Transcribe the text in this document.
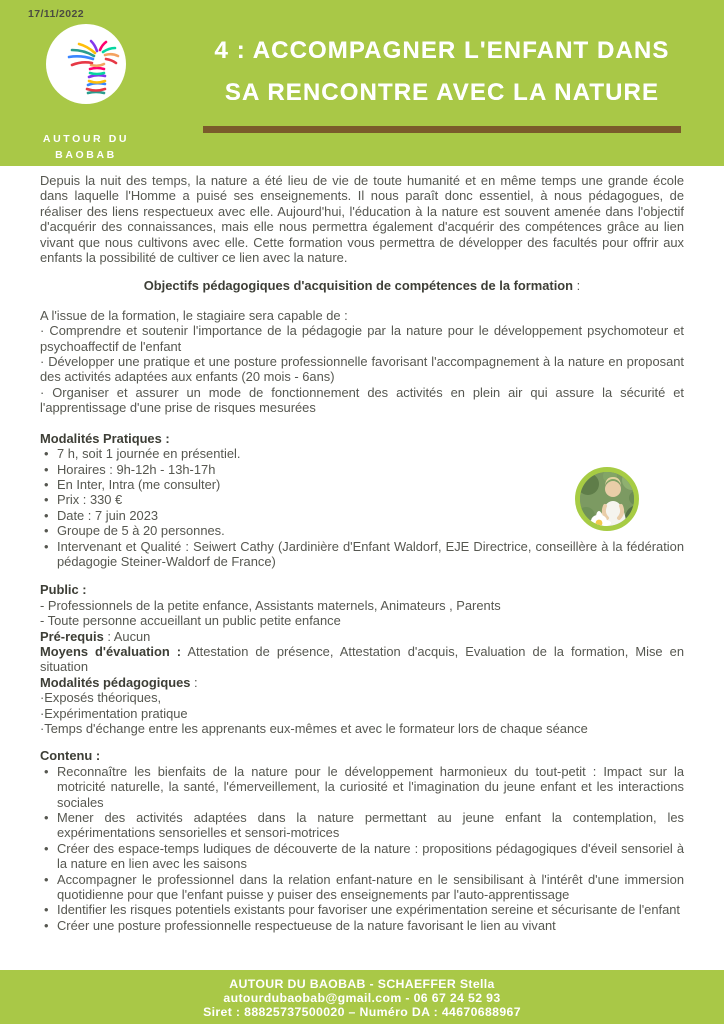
17/11/2022
AUTOUR DU
BAOBAB
4 : ACCOMPAGNER L'ENFANT DANS
SA RENCONTRE AVEC LA NATURE

Depuis la nuit des temps, la nature a été lieu de vie de toute humanité et en même temps une grande école dans laquelle l'Homme a puisé ses enseignements. Il nous paraît donc essentiel, à nous pédagogues, de réaliser des liens respectueux avec elle. Aujourd'hui, l'éducation à la nature est souvent amenée dans l'objectif d'acquérir des connaissances, mais elle nous permettra également d'acquérir des compétences grâce au lien vivant que nous cultivons avec elle. Cette formation vous permettra de développer des facultés pour offrir aux enfants la possibilité de cultiver ce lien avec la nature.

Objectifs pédagogiques d'acquisition de compétences de la formation :

A l'issue de la formation, le stagiaire sera capable de :
· Comprendre et soutenir l'importance de la pédagogie par la nature pour le développement psychomoteur et psychoaffectif de l'enfant
· Développer une pratique et une posture professionnelle favorisant l'accompagnement à la nature en proposant des activités adaptées aux enfants (20 mois - 6ans)
· Organiser et assurer un mode de fonctionnement des activités en plein air qui assure la sécurité et l'apprentissage d'une prise de risques mesurées
Modalités Pratiques :
• 7 h, soit 1 journée en présentiel.
• Horaires : 9h-12h - 13h-17h
• En Inter, Intra (me consulter)
• Prix : 330 €
• Date : 7 juin 2023
• Groupe de 5 à 20 personnes.
• Intervenant et Qualité : Seiwert Cathy (Jardinière d'Enfant Waldorf, EJE Directrice, conseillère à la fédération pédagogie Steiner-Waldorf de France)
Public :
- Professionnels de la petite enfance, Assistants maternels, Animateurs , Parents
- Toute personne accueillant un public petite enfance
Pré-requis : Aucun

Moyens d'évaluation : Attestation de présence, Attestation d'acquis, Evaluation de la formation, Mise en situation

Modalités pédagogiques :
·Exposés théoriques,
·Expérimentation pratique
·Temps d'échange entre les apprenants eux-mêmes et avec le formateur lors de chaque séance
Contenu :
• Reconnaître les bienfaits de la nature pour le développement harmonieux du tout-petit : Impact sur la motricité naturelle, la santé, l'émerveillement, la curiosité et l'imagination du jeune enfant et les interactions sociales
• Mener des activités adaptées dans la nature permettant au jeune enfant la contemplation, les expérimentations sensorielles et sensori-motrices
• Créer des espace-temps ludiques de découverte de la nature : propositions pédagogiques d'éveil sensoriel à la nature en lien avec les saisons
• Accompagner le professionnel dans la relation enfant-nature en le sensibilisant à l'intérêt d'une immersion quotidienne pour que l'enfant puisse y puiser des enseignements par l'auto-apprentissage
• Identifier les risques potentiels existants pour favoriser une expérimentation sereine et sécurisante de l'enfant
• Créer une posture professionnelle respectueuse de la nature favorisant le lien au vivant
AUTOUR DU BAOBAB - SCHAEFFER Stella
autourdubaobab@gmail.com - 06 67 24 52 93
Siret : 88825737500020 – Numéro DA : 44670688967
